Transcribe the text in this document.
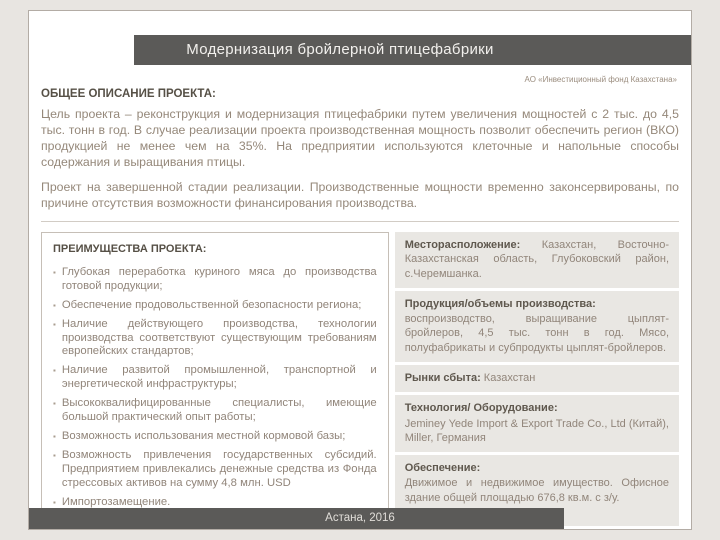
Модернизация бройлерной птицефабрики
АО «Инвестиционный фонд Казахстана»
ОБЩЕЕ ОПИСАНИЕ ПРОЕКТА:

Цель проекта – реконструкция и модернизация птицефабрики путем увеличения мощностей с 2 тыс. до 4,5 тыс. тонн в год. В случае реализации проекта производственная мощность позволит обеспечить регион (ВКО) продукцией не менее чем на 35%. На предприятии используются клеточные и напольные способы содержания и выращивания птицы.

Проект на завершенной стадии реализации. Производственные мощности временно законсервированы, по причине отсутствия возможности финансирования производства.

ПРЕИМУЩЕСТВА ПРОЕКТА:
▪ Глубокая переработка куриного мяса до производства готовой продукции;
▪ Обеспечение продовольственной безопасности региона;
▪ Наличие действующего производства, технологии производства соответствуют существующим требованиям европейских стандартов;
▪ Наличие развитой промышленной, транспортной и энергетической инфраструктуры;
▪ Высококвалифицированные специалисты, имеющие большой практический опыт работы;
▪ Возможность использования местной кормовой базы;
▪ Возможность привлечения государственных субсидий. Предприятием привлекались денежные средства из Фонда стрессовых активов на сумму 4,8 млн. USD
▪ Импортозамещение.
Месторасположение: Казахстан, Восточно-Казахстанская область, Глубоковский район, с.Черемшанка.
Продукция/объемы производства:
воспроизводство, выращивание цыплят-бройлеров, 4,5 тыс. тонн в год. Мясо, полуфабрикаты и субпродукты цыплят-бройлеров.
Рынки сбыта: Казахстан
Технология/ Оборудование:
Jeminey Yede Import & Export Trade Co., Ltd (Китай), Miller, Германия
Обеспечение:
Движимое и недвижимое имущество. Офисное здание общей площадью 676,8 кв.м. с з/у.
Астана, 2016
